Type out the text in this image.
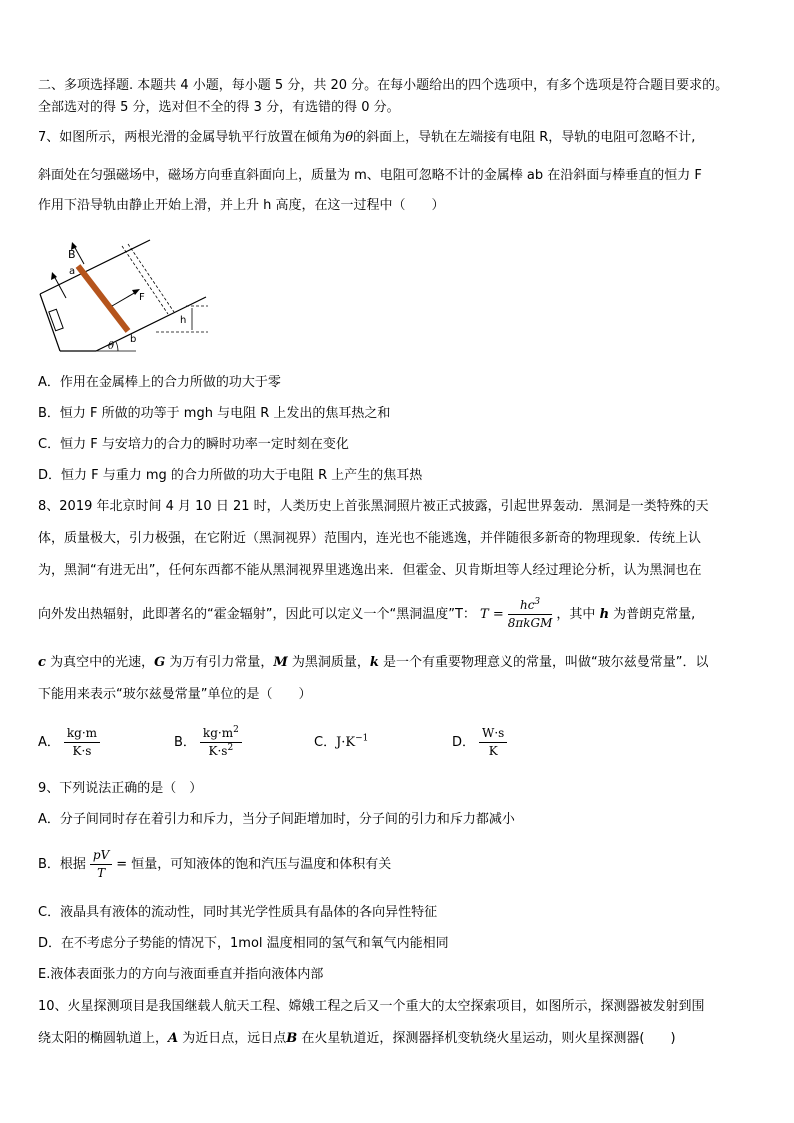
二、多项选择题. 本题共 4 小题，每小题 5 分，共 20 分。在每小题给出的四个选项中，有多个选项是符合题目要求的。
全部选对的得 5 分，选对但不全的得 3 分，有选错的得 0 分。
7、如图所示，两根光滑的金属导轨平行放置在倾角为θ的斜面上，导轨在左端接有电阻 R，导轨的电阻可忽略不计,
斜面处在匀强磁场中，磁场方向垂直斜面向上，质量为 m、电阻可忽略不计的金属棒 ab 在沿斜面与棒垂直的恒力 F
作用下沿导轨由静止开始上滑，并上升 h 高度，在这一过程中（　　）
B
a
F
h
b
θ
A．作用在金属棒上的合力所做的功大于零
B．恒力 F 所做的功等于 mgh 与电阻 R 上发出的焦耳热之和
C．恒力 F 与安培力的合力的瞬时功率一定时刻在变化
D．恒力 F 与重力 mg 的合力所做的功大于电阻 R 上产生的焦耳热
8、2019 年北京时间 4 月 10 日 21 时，人类历史上首张黑洞照片被正式披露，引起世界轰动．黑洞是一类特殊的天
体，质量极大，引力极强，在它附近（黑洞视界）范围内，连光也不能逃逸，并伴随很多新奇的物理现象．传统上认
为，黑洞“有进无出”，任何东西都不能从黑洞视界里逃逸出来．但霍金、贝肯斯坦等人经过理论分析，认为黑洞也在
向外发出热辐射，此即著名的“霍金辐射”，因此可以定义一个“黑洞温度”T： $T = \frac{hc^3}{\text{8πkGM}}$ ，其中 h 为普朗克常量,
c 为真空中的光速，G 为万有引力常量，M 为黑洞质量，k 是一个有重要物理意义的常量，叫做“玻尔兹曼常量”．以
下能用来表示“玻尔兹曼常量”单位的是（　　）
A． $\frac{kg\cdot m}{K\cdot s}$	B． $\frac{kg\cdot m^2}{K\cdot s^2}$	C．$J\cdot K^{-1}$	D． $\frac{W\cdot s}{K}$
9、下列说法正确的是（　）
A．分子间同时存在着引力和斥力，当分子间距增加时，分子间的引力和斥力都减小
B．根据 $\frac{pV}{T}$ = 恒量，可知液体的饱和汽压与温度和体积有关
C．液晶具有液体的流动性，同时其光学性质具有晶体的各向异性特征
D．在不考虑分子势能的情况下，1mol 温度相同的氢气和氧气内能相同
E.液体表面张力的方向与液面垂直并指向液体内部
10、火星探测项目是我国继载人航天工程、嫦娥工程之后又一个重大的太空探索项目，如图所示，探测器被发射到围
绕太阳的椭圆轨道上，A 为近日点，远日点B 在火星轨道近，探测器择机变轨绕火星运动，则火星探测器(　　)
